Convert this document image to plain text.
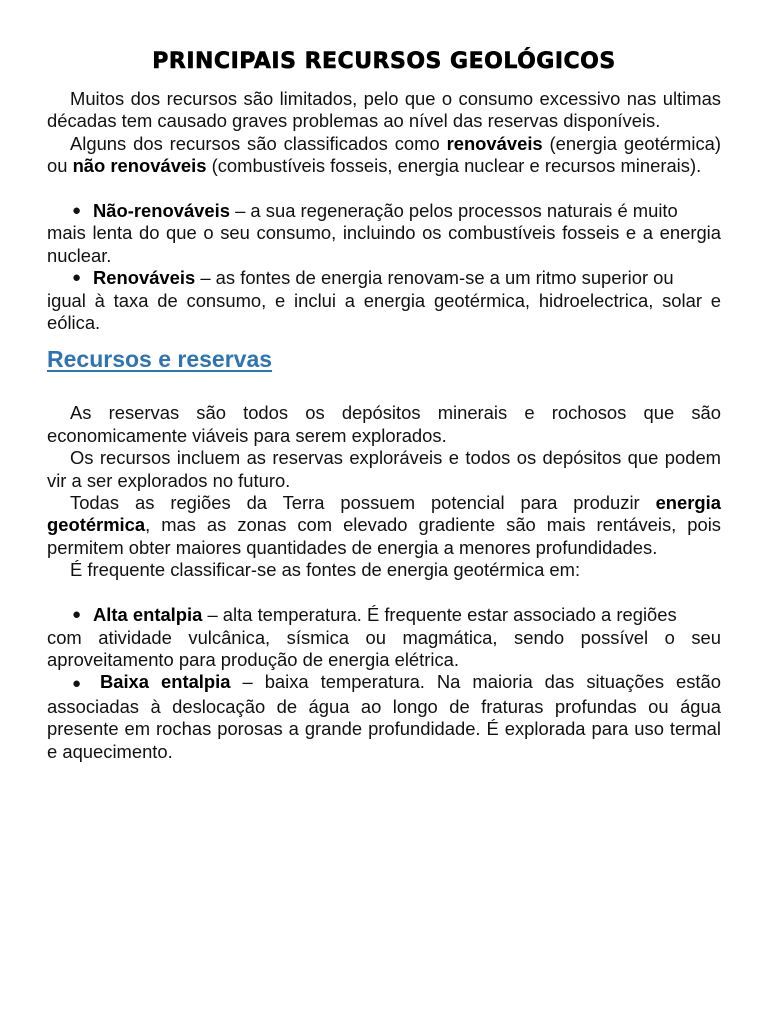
PRINCIPAIS RECURSOS GEOLÓGICOS

Muitos dos recursos são limitados, pelo que o consumo excessivo nas ultimas décadas tem causado graves problemas ao nível das reservas disponíveis.

Alguns dos recursos são classificados como renováveis (energia geotérmica) ou não renováveis (combustíveis fosseis, energia nuclear e recursos minerais).

● Não-renováveis – a sua regeneração pelos processos naturais é muito
mais lenta do que o seu consumo, incluindo os combustíveis fosseis e a energia nuclear.
● Renováveis – as fontes de energia renovam-se a um ritmo superior ou
igual à taxa de consumo, e inclui a energia geotérmica, hidroelectrica, solar e eólica.
Recursos e reservas

As reservas são todos os depósitos minerais e rochosos que são economicamente viáveis para serem explorados.

Os recursos incluem as reservas exploráveis e todos os depósitos que podem vir a ser explorados no futuro.

Todas as regiões da Terra possuem potencial para produzir energia geotérmica, mas as zonas com elevado gradiente são mais rentáveis, pois permitem obter maiores quantidades de energia a menores profundidades.

É frequente classificar-se as fontes de energia geotérmica em:

● Alta entalpia – alta temperatura. É frequente estar associado a regiões
com atividade vulcânica, sísmica ou magmática, sendo possível o seu aproveitamento para produção de energia elétrica.

● Baixa entalpia – baixa temperatura. Na maioria das situações estão associadas à deslocação de água ao longo de fraturas profundas ou água presente em rochas porosas a grande profundidade. É explorada para uso termal e aquecimento.
